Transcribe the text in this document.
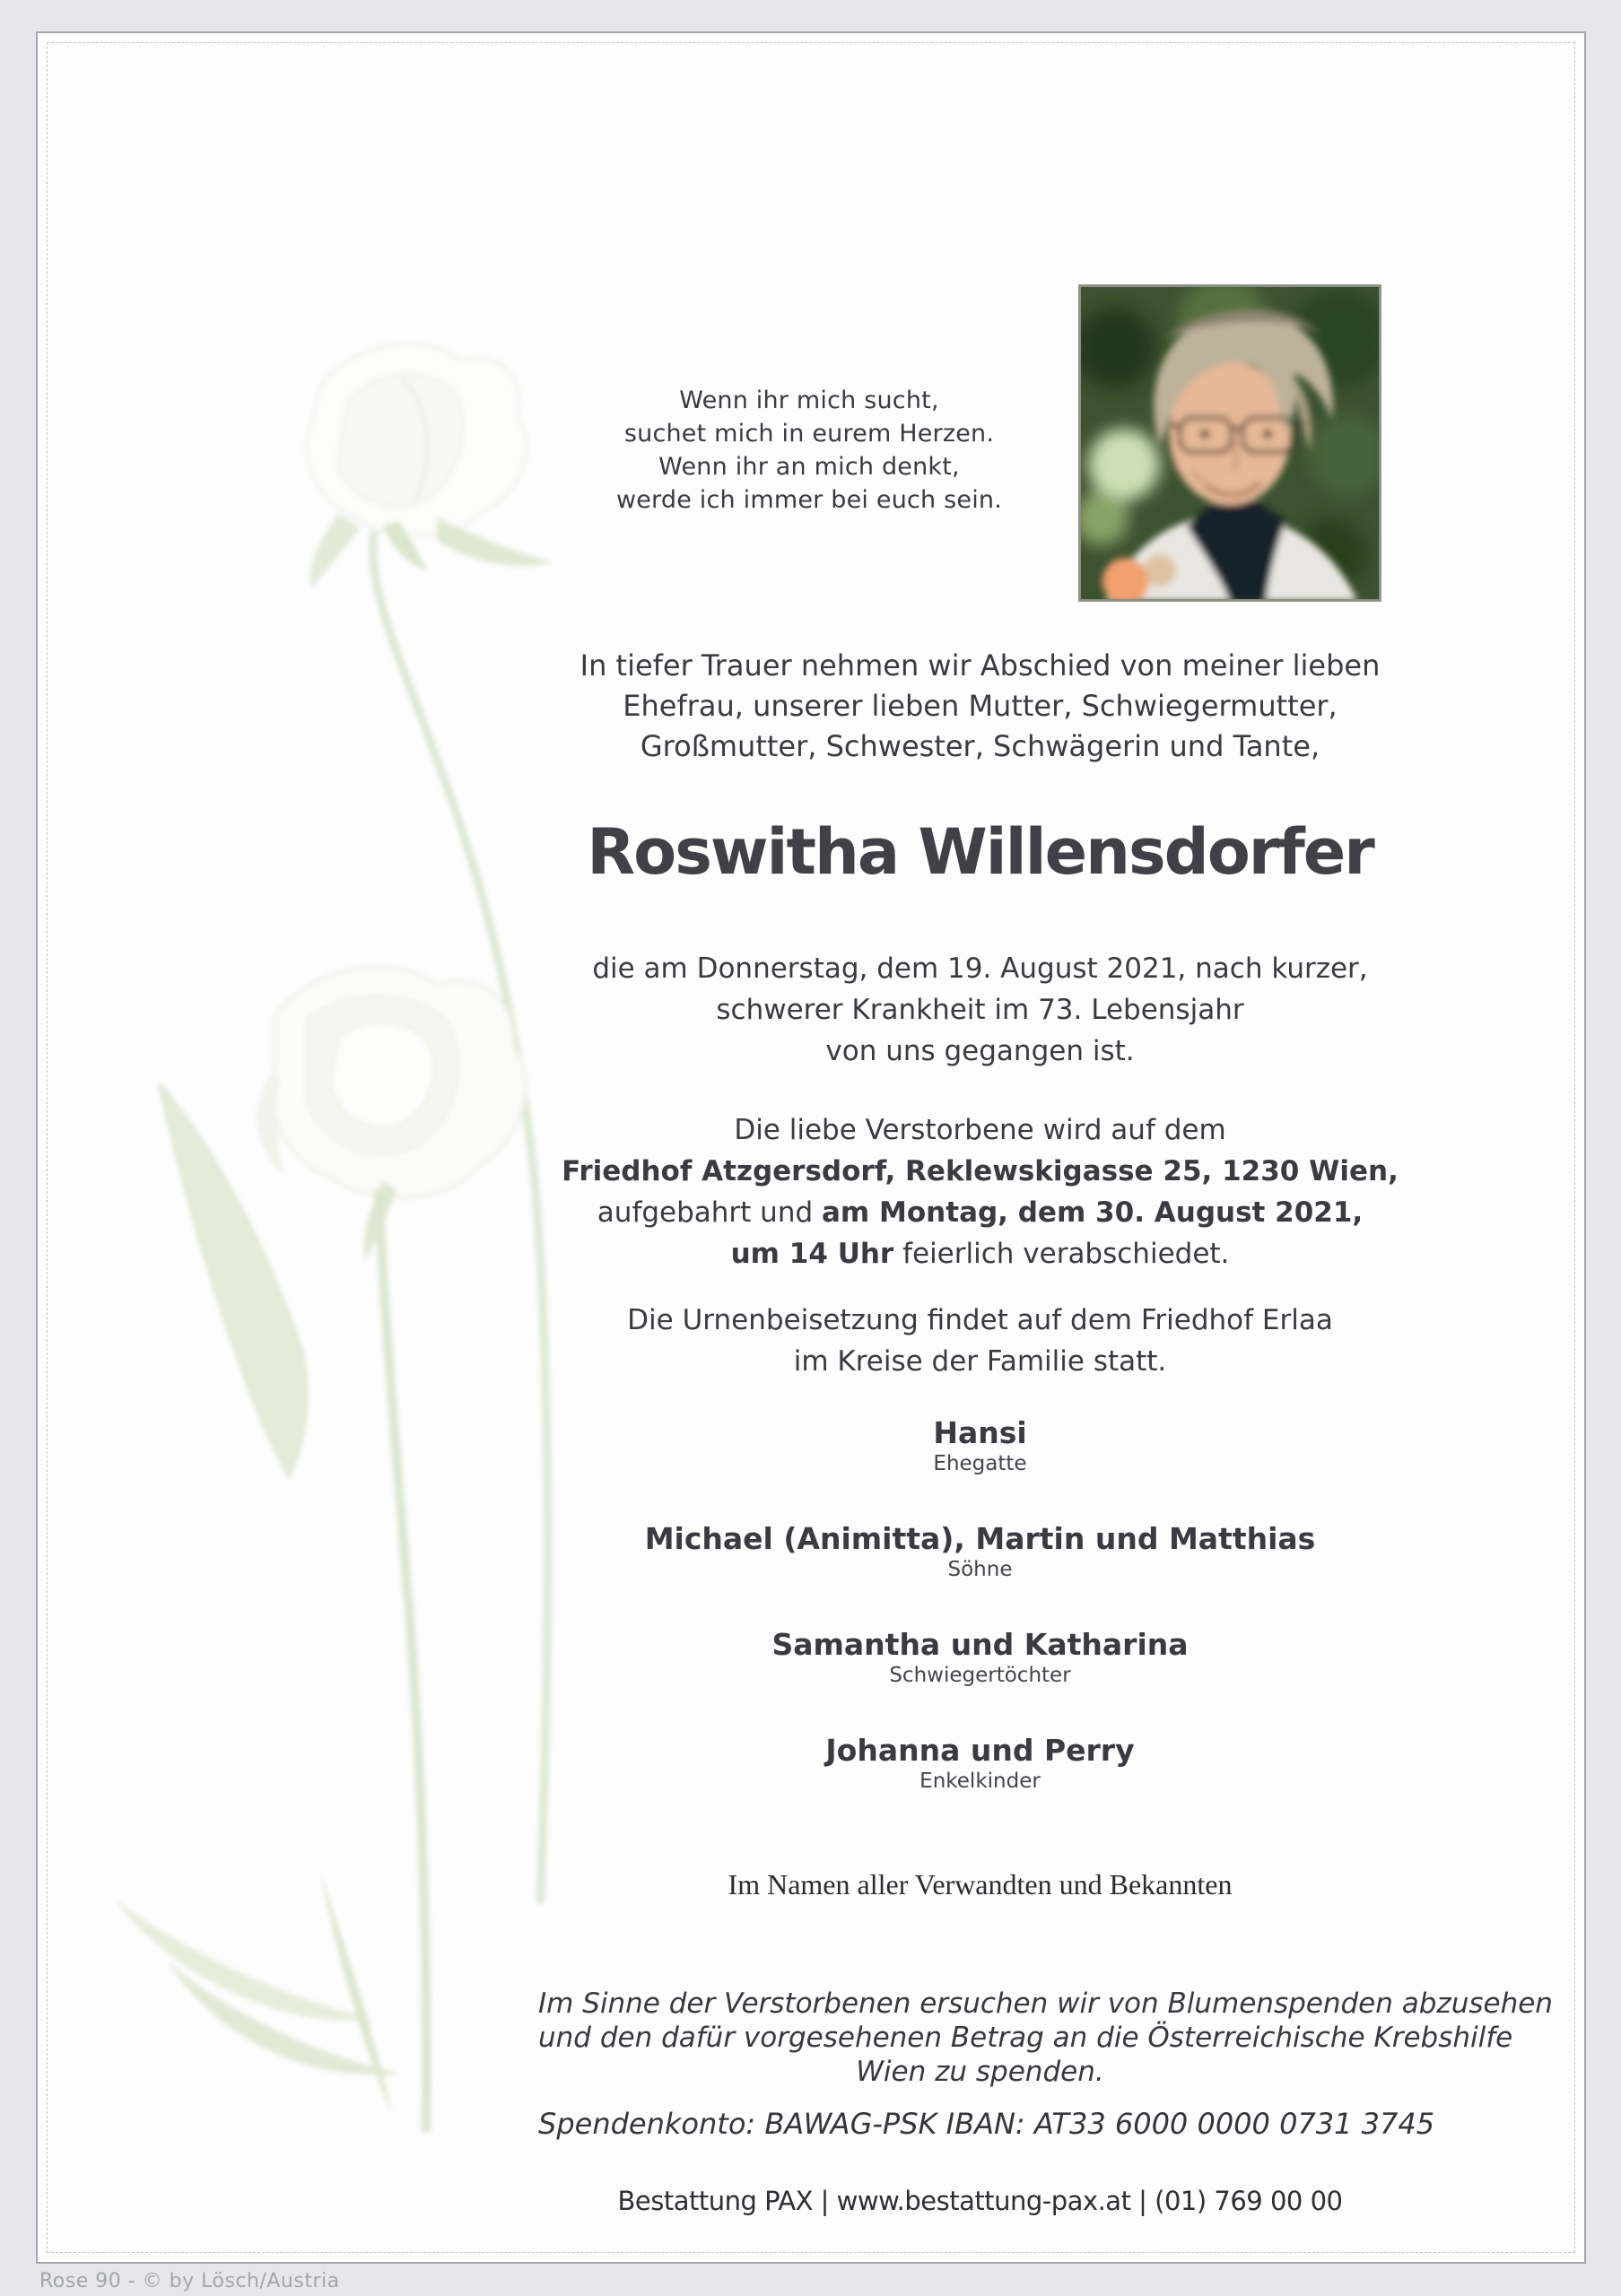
Wenn ihr mich sucht,
suchet mich in eurem Herzen.
Wenn ihr an mich denkt,
werde ich immer bei euch sein.
In tiefer Trauer nehmen wir Abschied von meiner lieben
Ehefrau, unserer lieben Mutter, Schwiegermutter,
Großmutter, Schwester, Schwägerin und Tante,
Roswitha Willensdorfer
die am Donnerstag, dem 19. August 2021, nach kurzer,
schwerer Krankheit im 73. Lebensjahr
von uns gegangen ist.
Die liebe Verstorbene wird auf dem
Friedhof Atzgersdorf, Reklewskigasse 25, 1230 Wien,
aufgebahrt und am Montag, dem 30. August 2021,
um 14 Uhr feierlich verabschiedet.
Die Urnenbeisetzung findet auf dem Friedhof Erlaa
im Kreise der Familie statt.
Hansi
Ehegatte
Michael (Animitta), Martin und Matthias
Söhne
Samantha und Katharina
Schwiegertöchter
Johanna und Perry
Enkelkinder
Im Namen aller Verwandten und Bekannten
Im Sinne der Verstorbenen ersuchen wir von Blumenspenden abzusehen
und den dafür vorgesehenen Betrag an die Österreichische Krebshilfe
Wien zu spenden.
Spendenkonto: BAWAG-PSK IBAN: AT33 6000 0000 0731 3745
Bestattung PAX | www.bestattung-pax.at | (01) 769 00 00
Rose 90 - © by Lösch/Austria
